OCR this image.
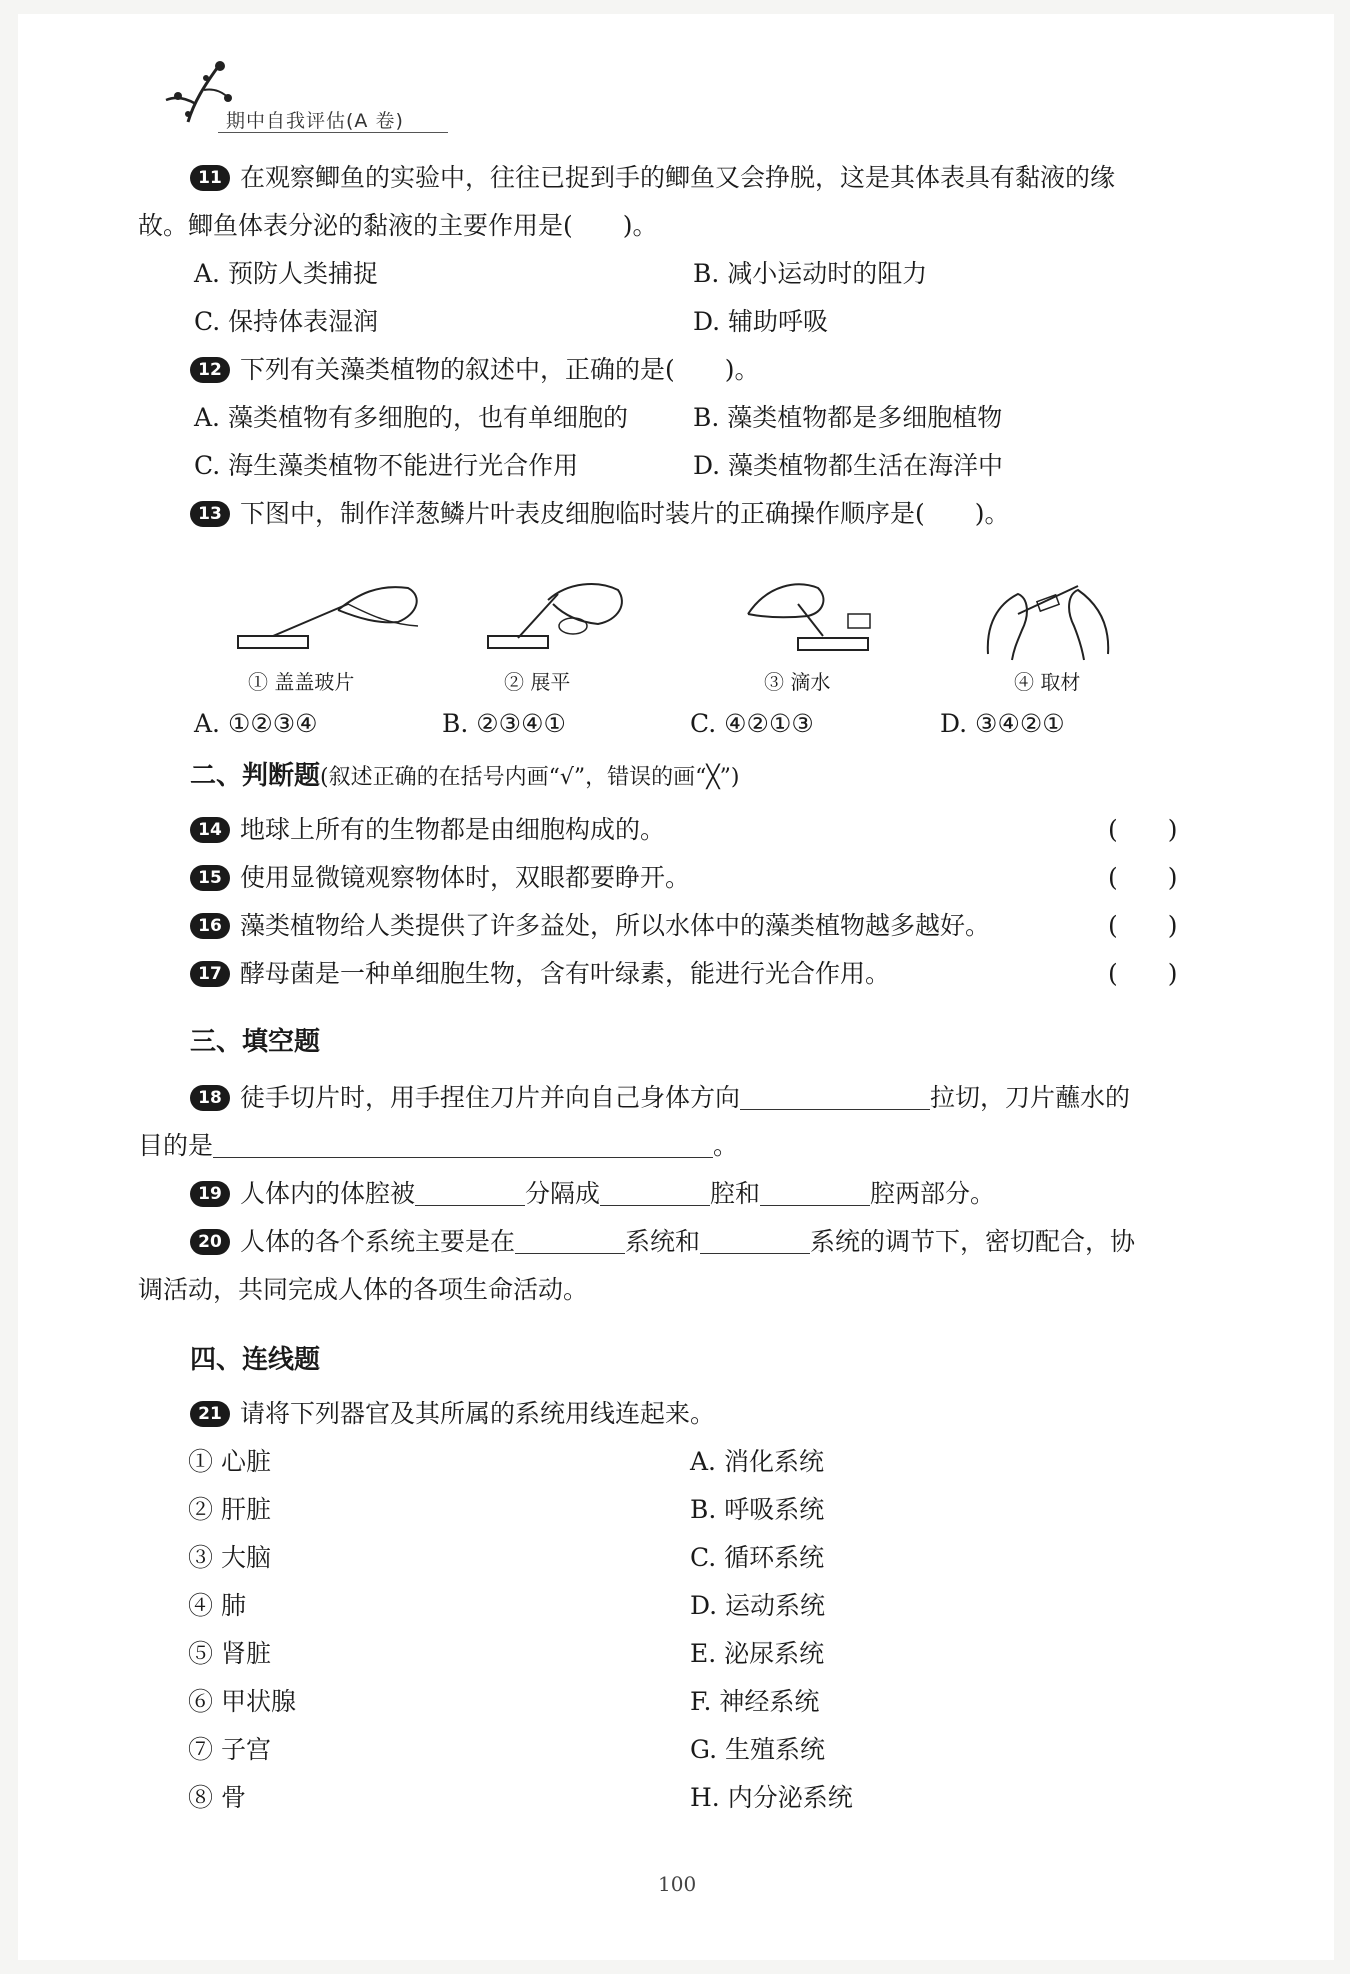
期中自我评估(A 卷)
11 在观察鲫鱼的实验中，往往已捉到手的鲫鱼又会挣脱，这是其体表具有黏液的缘
故。鲫鱼体表分泌的黏液的主要作用是(　　)。
A. 预防人类捕捉	B. 减小运动时的阻力
C. 保持体表湿润	D. 辅助呼吸
12 下列有关藻类植物的叙述中，正确的是(　　)。
A. 藻类植物有多细胞的，也有单细胞的	B. 藻类植物都是多细胞植物
C. 海生藻类植物不能进行光合作用	D. 藻类植物都生活在海洋中
13 下图中，制作洋葱鳞片叶表皮细胞临时装片的正确操作顺序是(　　)。
① 盖盖玻片	② 展平	③ 滴水	④ 取材
A. ①②③④	B. ②③④①	C. ④②①③	D. ③④②①
二、判断题(叙述正确的在括号内画“√”，错误的画“╳”)
14 地球上所有的生物都是由细胞构成的。	(　　)
15 使用显微镜观察物体时，双眼都要睁开。	(　　)
16 藻类植物给人类提供了许多益处，所以水体中的藻类植物越多越好。	(　　)
17 酵母菌是一种单细胞生物，含有叶绿素，能进行光合作用。	(　　)
三、填空题
18 徒手切片时，用手捏住刀片并向自己身体方向	拉切，刀片蘸水的
目的是	。
19 人体内的体腔被	分隔成	腔和	腔两部分。
20 人体的各个系统主要是在	系统和	系统的调节下，密切配合，协
调活动，共同完成人体的各项生命活动。
四、连线题
21 请将下列器官及其所属的系统用线连起来。
① 心脏	A. 消化系统
② 肝脏	B. 呼吸系统
③ 大脑	C. 循环系统
④ 肺	D. 运动系统
⑤ 肾脏	E. 泌尿系统
⑥ 甲状腺	F. 神经系统
⑦ 子宫	G. 生殖系统
⑧ 骨	H. 内分泌系统
100
